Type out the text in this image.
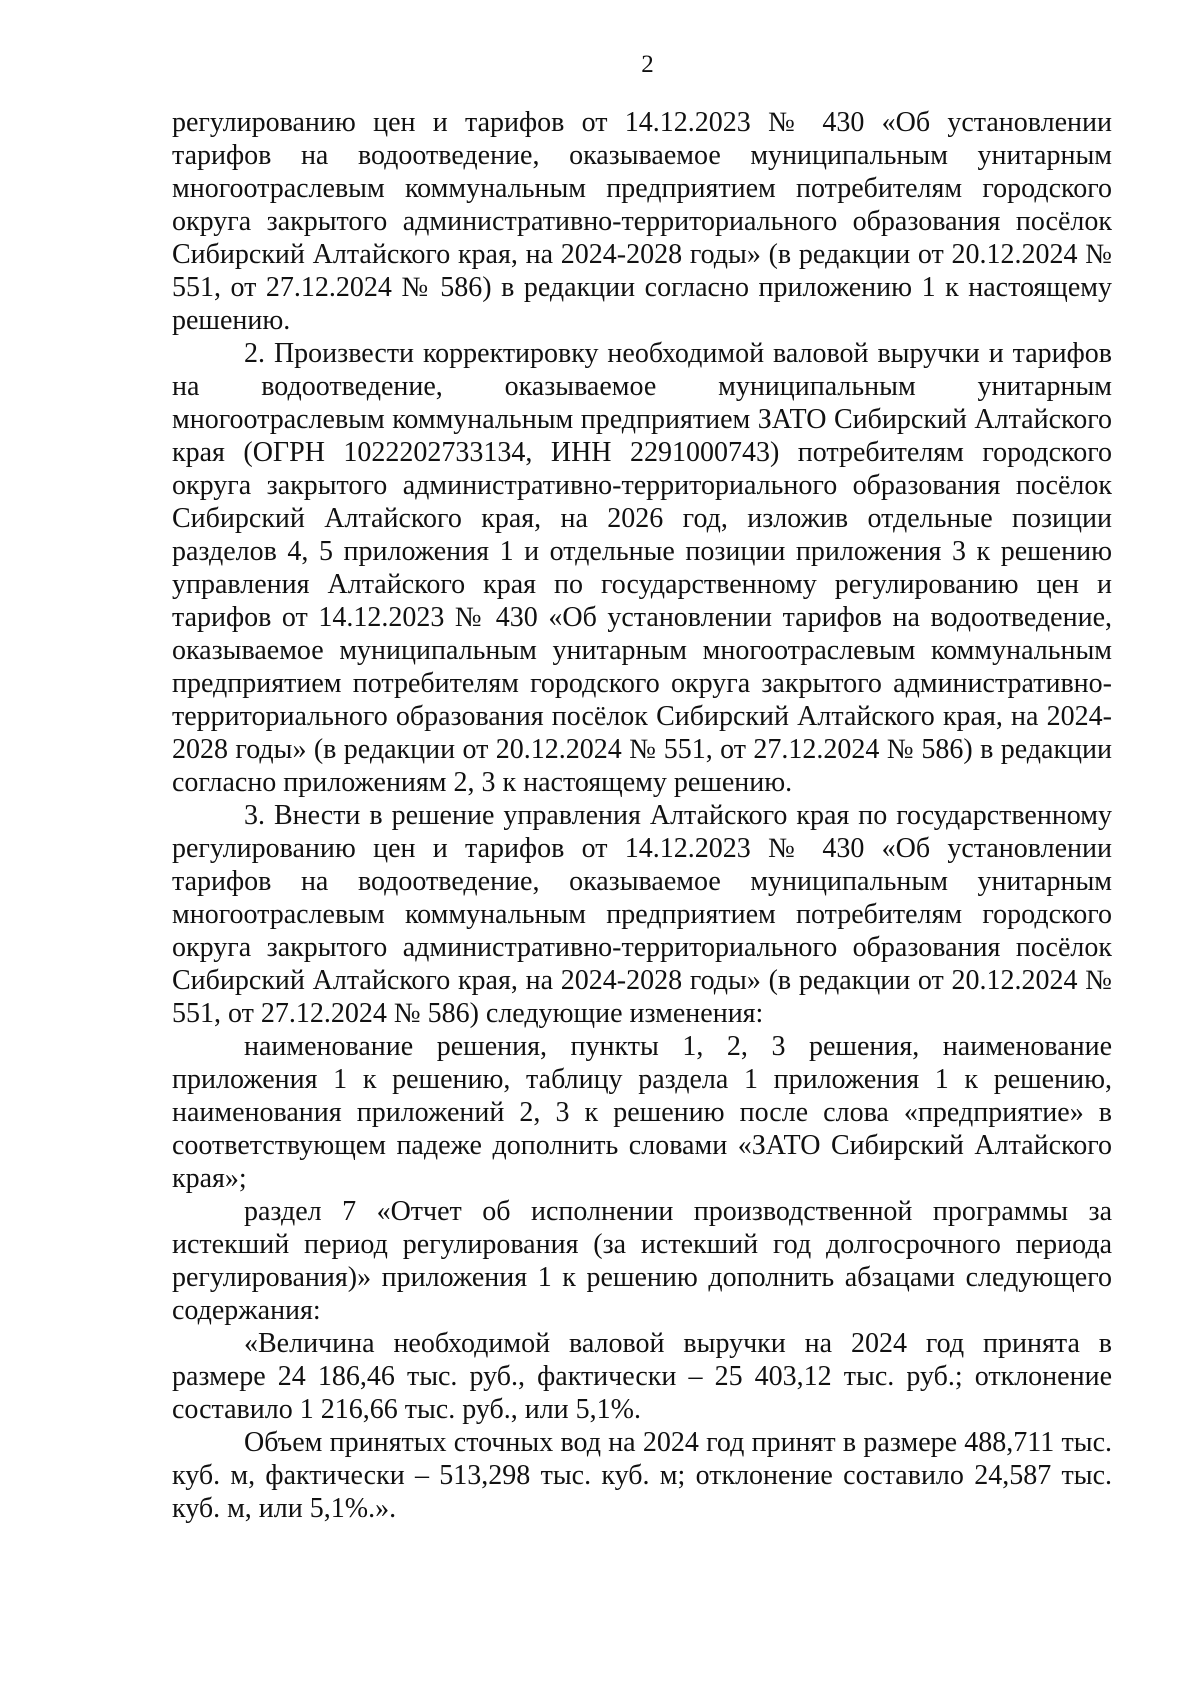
2

регулированию цен и тарифов от 14.12.2023 № 430 «Об установлении тарифов на водоотведение, оказываемое муниципальным унитарным многоотраслевым коммунальным предприятием потребителям городского округа закрытого административно-территориального образования посёлок Сибирский Алтайского края, на 2024-2028 годы» (в редакции от 20.12.2024 № 551, от 27.12.2024 № 586) в редакции согласно приложению 1 к настоящему решению.

2. Произвести корректировку необходимой валовой выручки и тарифов на водоотведение, оказываемое муниципальным унитарным многоотраслевым коммунальным предприятием ЗАТО Сибирский Алтайского края (ОГРН 1022202733134, ИНН 2291000743) потребителям городского округа закрытого административно-территориального образования посёлок Сибирский Алтайского края, на 2026 год, изложив отдельные позиции разделов 4, 5 приложения 1 и отдельные позиции приложения 3 к решению управления Алтайского края по государственному регулированию цен и тарифов от 14.12.2023 № 430 «Об установлении тарифов на водоотведение, оказываемое муниципальным унитарным многоотраслевым коммунальным предприятием потребителям городского округа закрытого административно-территориального образования посёлок Сибирский Алтайского края, на 2024-2028 годы» (в редакции от 20.12.2024 № 551, от 27.12.2024 № 586) в редакции согласно приложениям 2, 3 к настоящему решению.

3. Внести в решение управления Алтайского края по государственному регулированию цен и тарифов от 14.12.2023 № 430 «Об установлении тарифов на водоотведение, оказываемое муниципальным унитарным многоотраслевым коммунальным предприятием потребителям городского округа закрытого административно-территориального образования посёлок Сибирский Алтайского края, на 2024-2028 годы» (в редакции от 20.12.2024 № 551, от 27.12.2024 № 586) следующие изменения:

наименование решения, пункты 1, 2, 3 решения, наименование приложения 1 к решению, таблицу раздела 1 приложения 1 к решению, наименования приложений 2, 3 к решению после слова «предприятие» в соответствующем падеже дополнить словами «ЗАТО Сибирский Алтайского края»;

раздел 7 «Отчет об исполнении производственной программы за истекший период регулирования (за истекший год долгосрочного периода регулирования)» приложения 1 к решению дополнить абзацами следующего содержания:

«Величина необходимой валовой выручки на 2024 год принята в размере 24 186,46 тыс. руб., фактически – 25 403,12 тыс. руб.; отклонение составило 1 216,66 тыс. руб., или 5,1%.

Объем принятых сточных вод на 2024 год принят в размере 488,711 тыс. куб. м, фактически – 513,298 тыс. куб. м; отклонение составило 24,587 тыс. куб. м, или 5,1%.».
